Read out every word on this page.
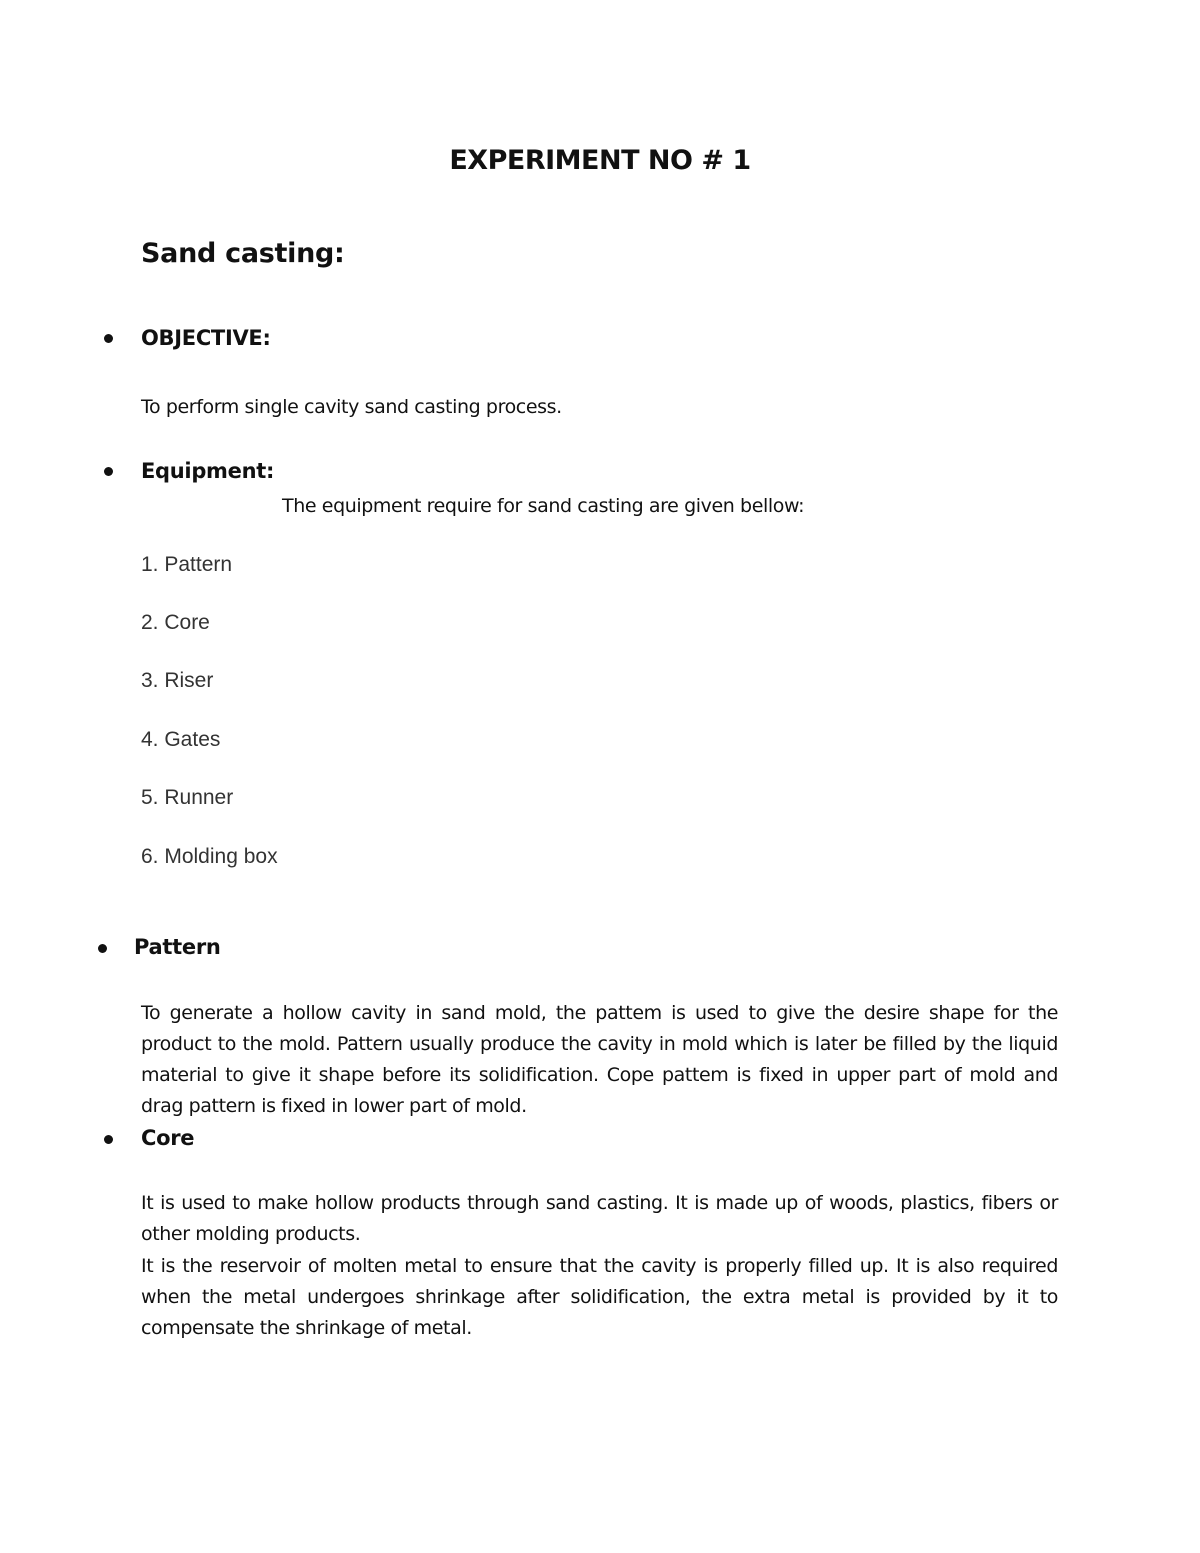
EXPERIMENT NO # 1
Sand casting:
OBJECTIVE:
To perform single cavity sand casting process.
Equipment:
The equipment require for sand casting are given bellow:
1. Pattern
2. Core
3. Riser
4. Gates
5. Runner
6. Molding box
Pattern
To generate a hollow cavity in sand mold, the pattem is used to give the desire shape for the product to the mold. Pattern usually produce the cavity in mold which is later be filled by the liquid material to give it shape before its solidification. Cope pattem is fixed in upper part of mold and drag pattern is fixed in lower part of mold.
Core
It is used to make hollow products through sand casting. It is made up of woods, plastics, fibers or other molding products.
It is the reservoir of molten metal to ensure that the cavity is properly filled up. It is also required when the metal undergoes shrinkage after solidification, the extra metal is provided by it to compensate the shrinkage of metal.
